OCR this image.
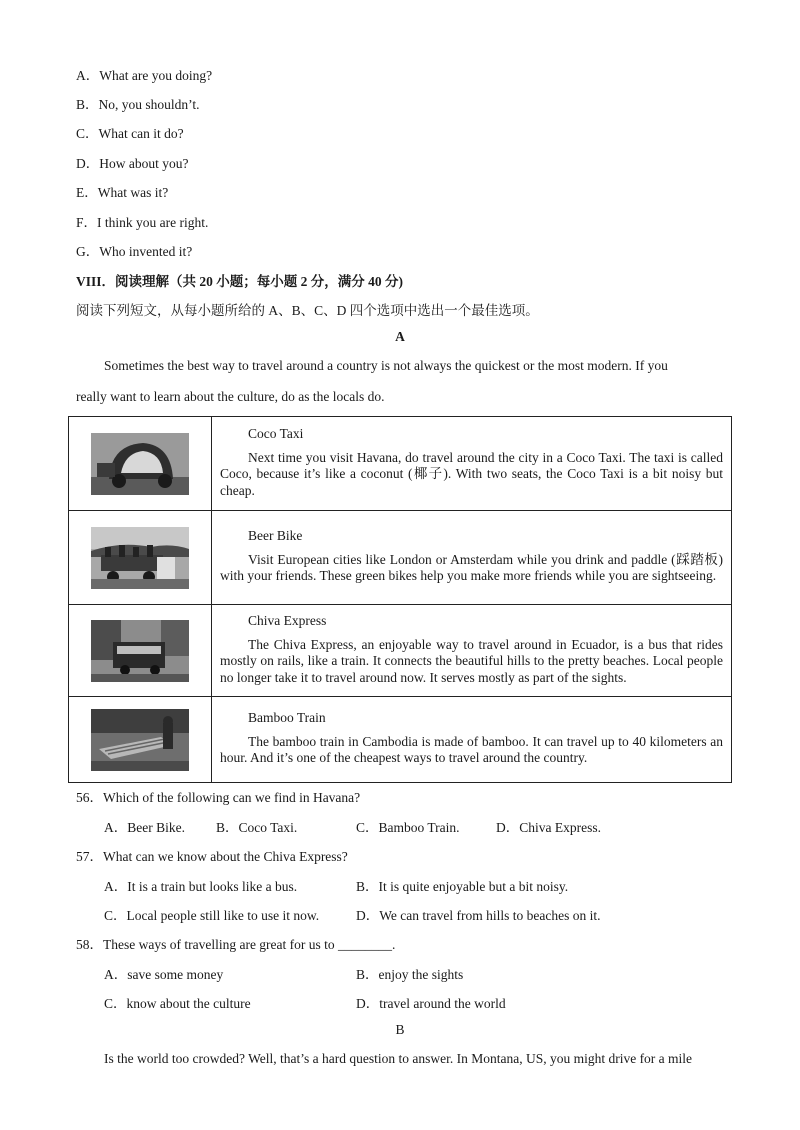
A．What are you doing?
B．No, you shouldn’t.
C．What can it do?
D．How about you?
E．What was it?
F．I think you are right.
G．Who invented it?
VIII．阅读理解（共 20 小题；每小题 2 分，满分 40 分)
阅读下列短文，从每小题所给的 A、B、C、D 四个选项中选出一个最佳选项。
A
Sometimes the best way to travel around a country is not always the quickest or the most modern. If you
really want to learn about the culture, do as the locals do.

Coco Taxi
Next time you visit Havana, do travel around the city in a Coco Taxi. The taxi is called Coco, because it’s like a coconut (椰子). With two seats, the Coco Taxi is a bit noisy but cheap.

Beer Bike
Visit European cities like London or Amsterdam while you drink and paddle (踩踏板) with your friends. These green bikes help you make more friends while you are sightseeing.

Chiva Express
The Chiva Express, an enjoyable way to travel around in Ecuador, is a bus that rides mostly on rails, like a train. It connects the beautiful hills to the pretty beaches. Local people no longer take it to travel around now. It serves mostly as part of the sights.

Bamboo Train
The bamboo train in Cambodia is made of bamboo. It can travel up to 40 kilometers an hour. And it’s one of the cheapest ways to travel around the country.
56．Which of the following can we find in Havana?
A．Beer Bike. B．Coco Taxi.	C．Bamboo Train.	D．Chiva Express.
57．What can we know about the Chiva Express?
A．It is a train but looks like a bus.	B．It is quite enjoyable but a bit noisy.
C．Local people still like to use it now.	D．We can travel from hills to beaches on it.
58．These ways of travelling are great for us to ________.
A．save some money	B．enjoy the sights
C．know about the culture	D．travel around the world
B
Is the world too crowded? Well, that’s a hard question to answer. In Montana, US, you might drive for a mile
